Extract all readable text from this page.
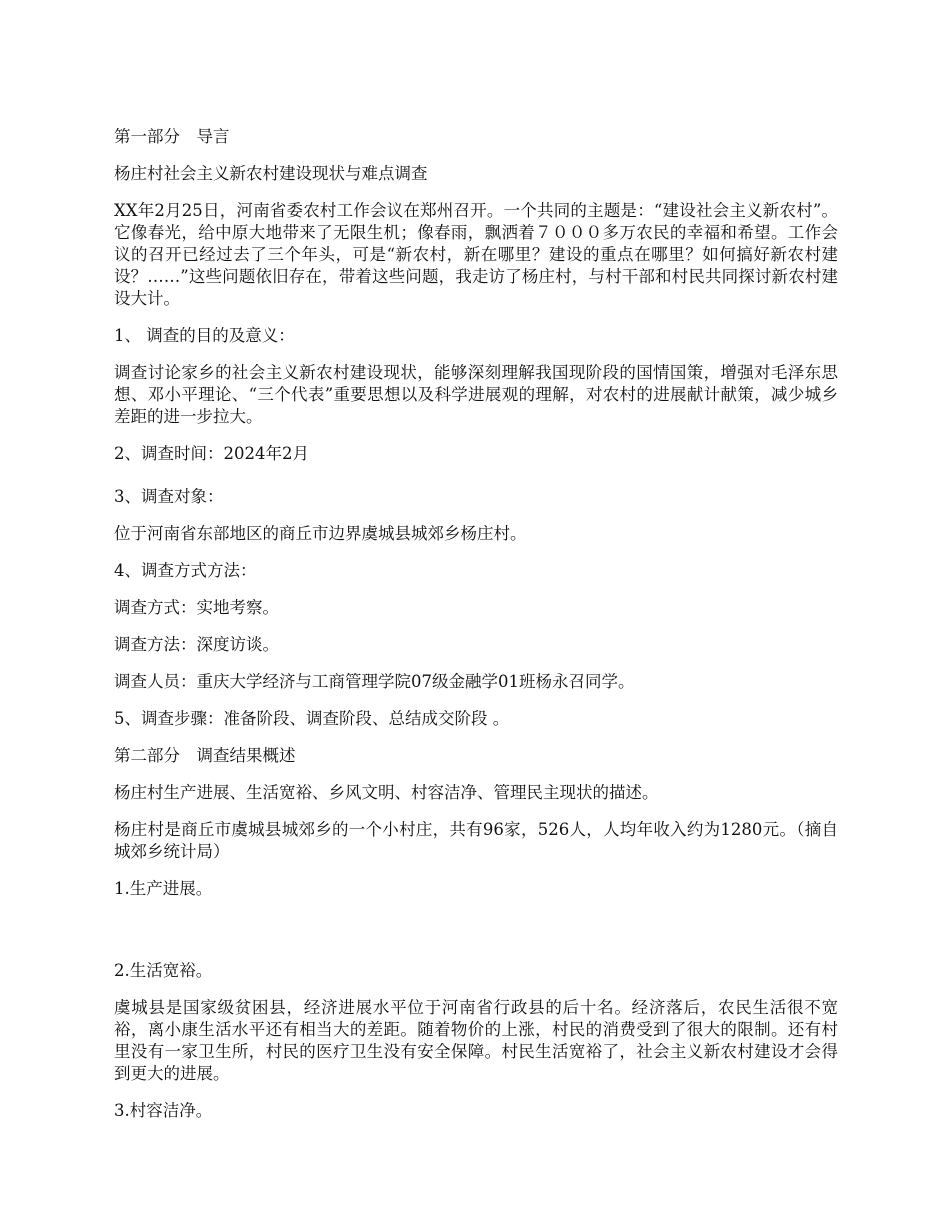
第一部分　导言

杨庄村社会主义新农村建设现状与难点调查

XX年2月25日，河南省委农村工作会议在郑州召开。一个共同的主题是：“建设社会主义新农村”。它像春光，给中原大地带来了无限生机；像春雨，飘洒着７０００多万农民的幸福和希望。工作会议的召开已经过去了三个年头，可是“新农村，新在哪里？建设的重点在哪里？如何搞好新农村建设？……”这些问题依旧存在，带着这些问题，我走访了杨庄村，与村干部和村民共同探讨新农村建设大计。

1、 调查的目的及意义：

调查讨论家乡的社会主义新农村建设现状，能够深刻理解我国现阶段的国情国策，增强对毛泽东思想、邓小平理论、“三个代表”重要思想以及科学进展观的理解，对农村的进展献计献策，减少城乡差距的进一步拉大。

2、调查时间：2024年2月

3、调查对象：

位于河南省东部地区的商丘市边界虞城县城郊乡杨庄村。

4、调查方式方法：

调查方式：实地考察。

调查方法：深度访谈。

调查人员：重庆大学经济与工商管理学院07级金融学01班杨永召同学。

5、调查步骤：准备阶段、调查阶段、总结成交阶段 。

第二部分　调查结果概述

杨庄村生产进展、生活宽裕、乡风文明、村容洁净、管理民主现状的描述。

杨庄村是商丘市虞城县城郊乡的一个小村庄，共有96家，526人，人均年收入约为1280元。（摘自城郊乡统计局）

1.生产进展。

2.生活宽裕。

虞城县是国家级贫困县，经济进展水平位于河南省行政县的后十名。经济落后，农民生活很不宽裕，离小康生活水平还有相当大的差距。随着物价的上涨，村民的消费受到了很大的限制。还有村里没有一家卫生所，村民的医疗卫生没有安全保障。村民生活宽裕了，社会主义新农村建设才会得到更大的进展。

3.村容洁净。
